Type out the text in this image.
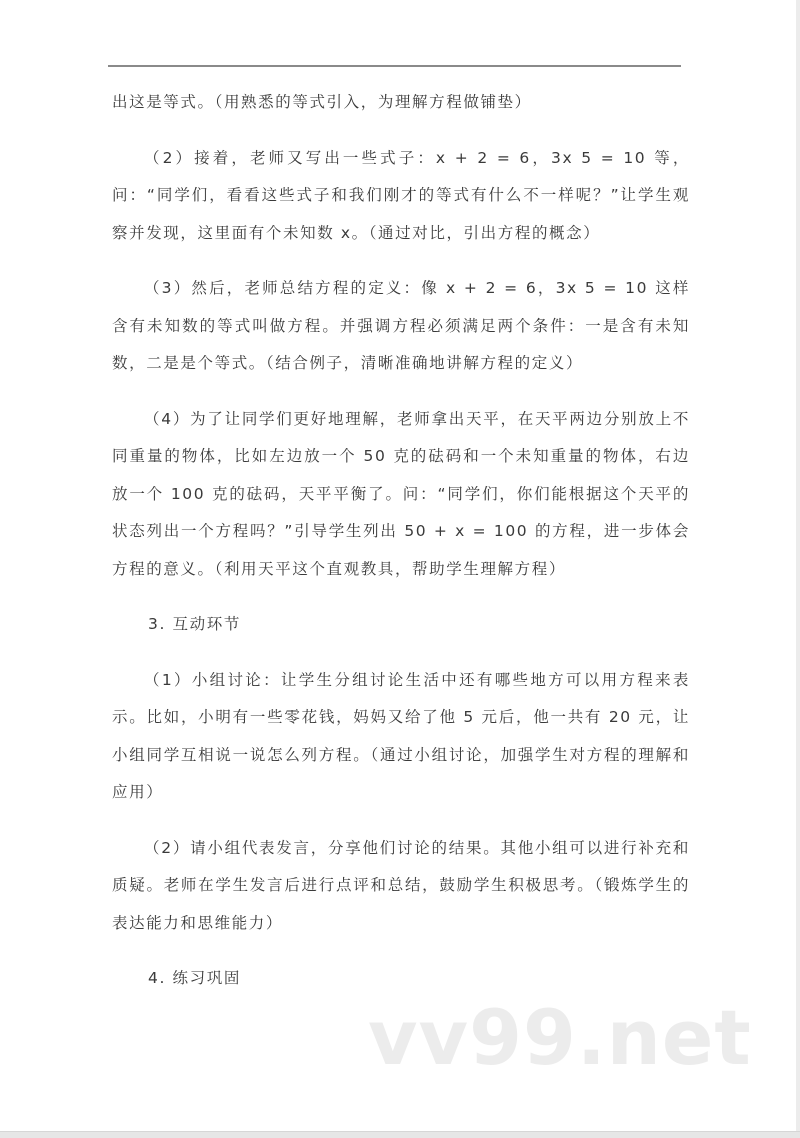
出这是等式。（用熟悉的等式引入，为理解方程做铺垫）

（2）接着，老师又写出一些式子：x + 2 = 6，3x 5 = 10 等，问：“同学们，看看这些式子和我们刚才的等式有什么不一样呢？”让学生观察并发现，这里面有个未知数 x。（通过对比，引出方程的概念）

（3）然后，老师总结方程的定义：像 x + 2 = 6，3x 5 = 10 这样含有未知数的等式叫做方程。并强调方程必须满足两个条件：一是含有未知数，二是是个等式。（结合例子，清晰准确地讲解方程的定义）

（4）为了让同学们更好地理解，老师拿出天平，在天平两边分别放上不同重量的物体，比如左边放一个 50 克的砝码和一个未知重量的物体，右边放一个 100 克的砝码，天平平衡了。问：“同学们，你们能根据这个天平的状态列出一个方程吗？”引导学生列出 50 + x = 100 的方程，进一步体会方程的意义。（利用天平这个直观教具，帮助学生理解方程）

3. 互动环节

（1）小组讨论：让学生分组讨论生活中还有哪些地方可以用方程来表示。比如，小明有一些零花钱，妈妈又给了他 5 元后，他一共有 20 元，让小组同学互相说一说怎么列方程。（通过小组讨论，加强学生对方程的理解和应用）

（2）请小组代表发言，分享他们讨论的结果。其他小组可以进行补充和质疑。老师在学生发言后进行点评和总结，鼓励学生积极思考。（锻炼学生的表达能力和思维能力）

4. 练习巩固

vv99.net
